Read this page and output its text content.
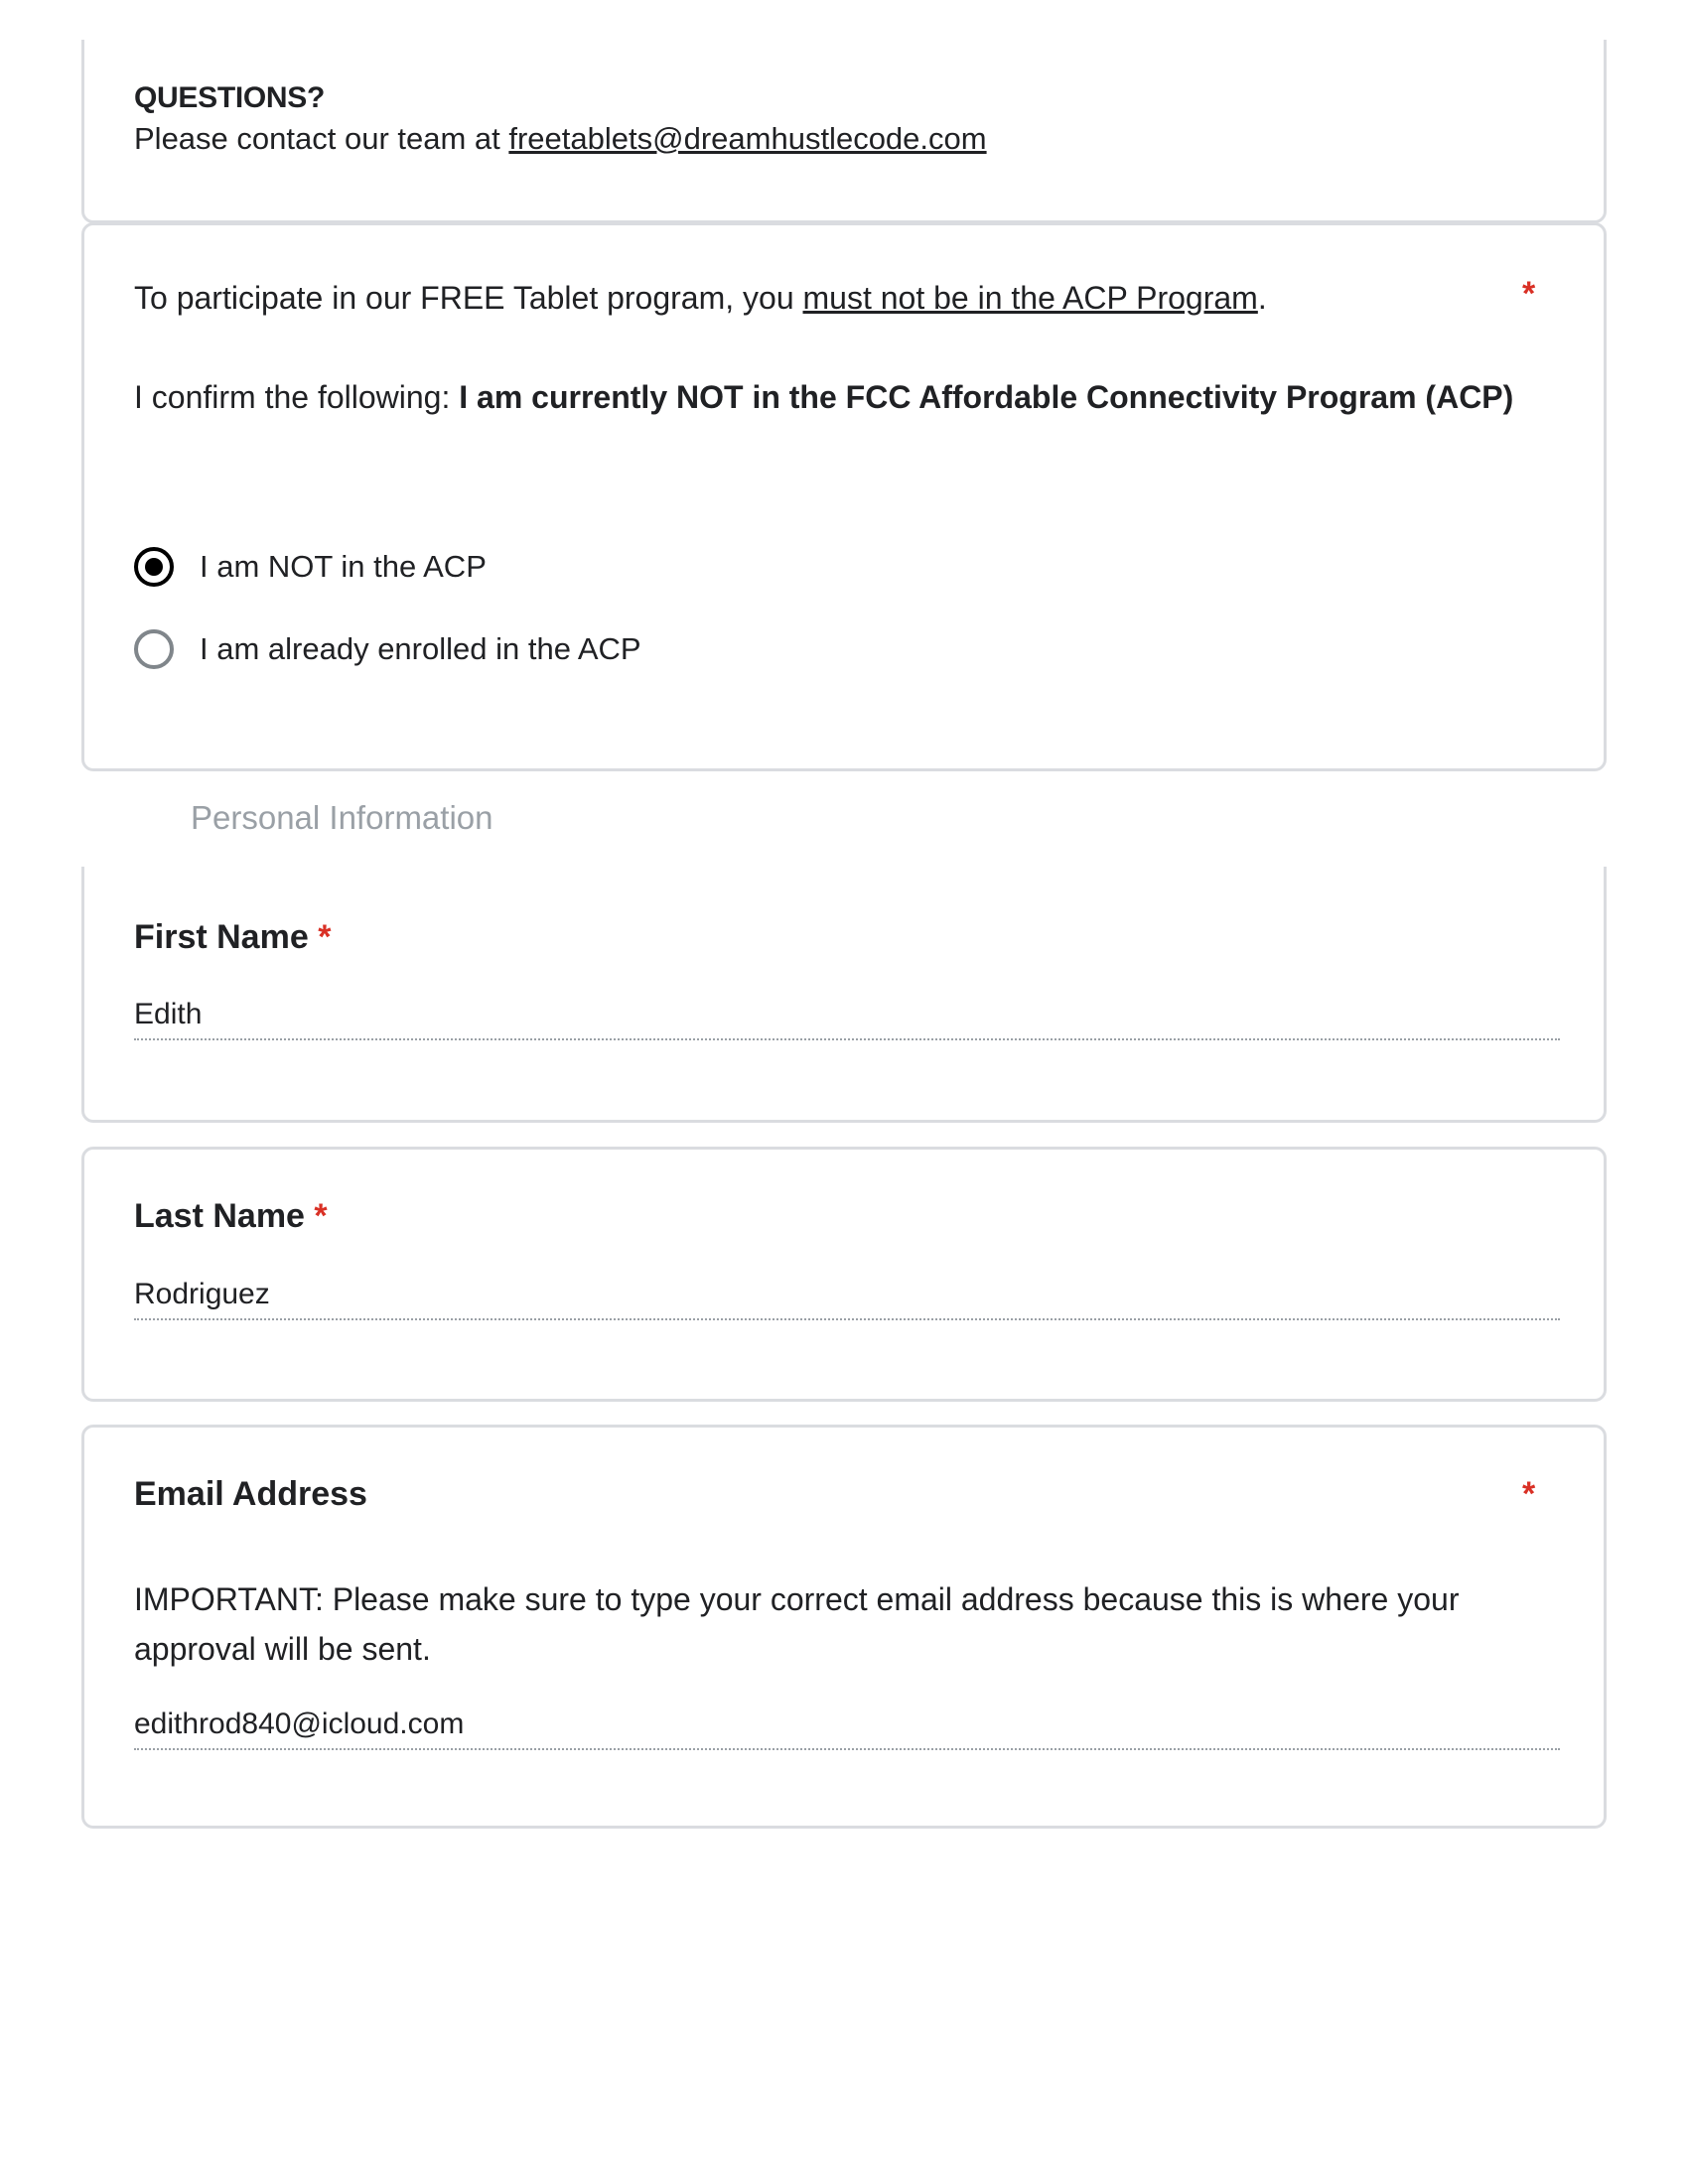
QUESTIONS?
Please contact our team at freetablets@dreamhustlecode.com
To participate in our FREE Tablet program, you must not be in the ACP Program.	*
I confirm the following: I am currently NOT in the FCC Affordable Connectivity Program (ACP)
I am NOT in the ACP
I am already enrolled in the ACP
Personal Information
First Name *
Edith
Last Name *
Rodriguez
Email Address	*
IMPORTANT: Please make sure to type your correct email address because this is where your approval will be sent.
edithrod840@icloud.com
